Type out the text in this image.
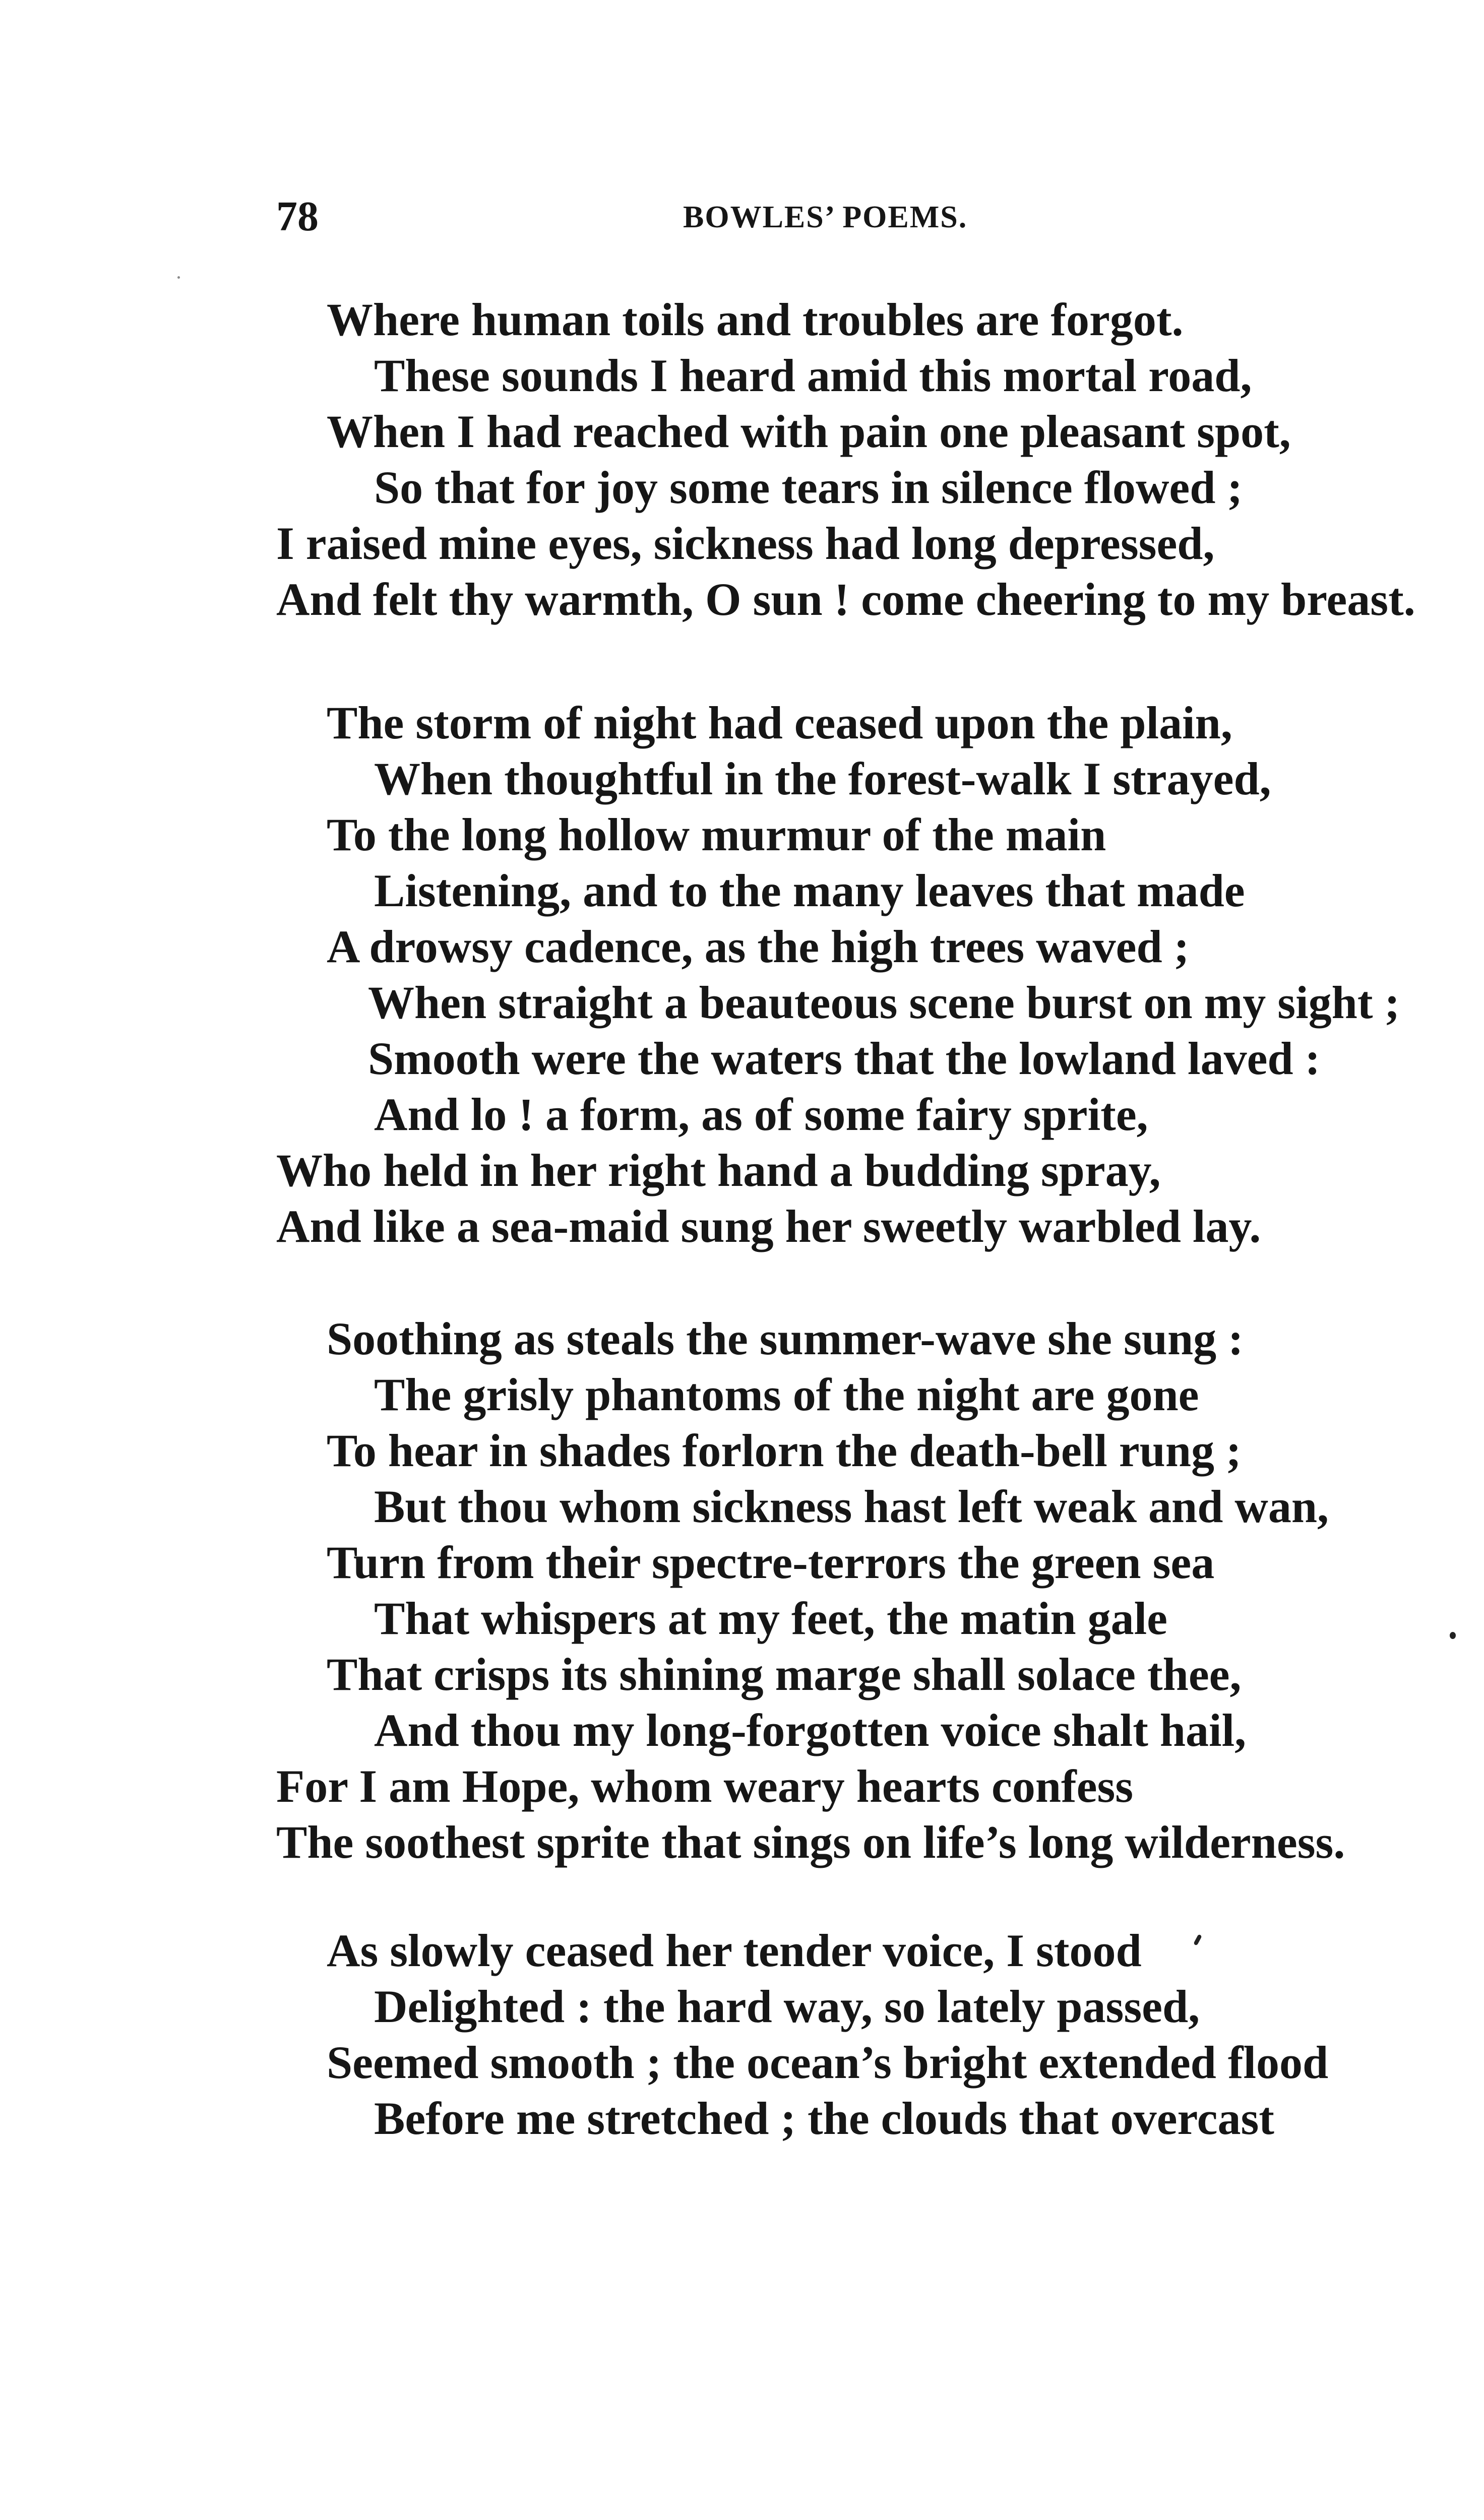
78	BOWLES’ POEMS.
Where human toils and troubles are forgot.
These sounds I heard amid this mortal road,
When I had reached with pain one pleasant spot,
So that for joy some tears in silence flowed ;
I raised mine eyes, sickness had long depressed,
And felt thy warmth, O sun ! come cheering to my breast.
The storm of night had ceased upon the plain,
When thoughtful in the forest-walk I strayed,
To the long hollow murmur of the main
Listening, and to the many leaves that made
A drowsy cadence, as the high trees waved ;
When straight a beauteous scene burst on my sight ;
Smooth were the waters that the lowland laved :
And lo ! a form, as of some fairy sprite,
Who held in her right hand a budding spray,
And like a sea-maid sung her sweetly warbled lay.
Soothing as steals the summer-wave she sung :
The grisly phantoms of the night are gone
To hear in shades forlorn the death-bell rung ;
But thou whom sickness hast left weak and wan,
Turn from their spectre-terrors the green sea
That whispers at my feet, the matin gale
That crisps its shining marge shall solace thee,
And thou my long-forgotten voice shalt hail,
For I am Hope, whom weary hearts confess
The soothest sprite that sings on life’s long wilderness.
As slowly ceased her tender voice, I stood
Delighted : the hard way, so lately passed,
Seemed smooth ; the ocean’s bright extended flood
Before me stretched ; the clouds that overcast
